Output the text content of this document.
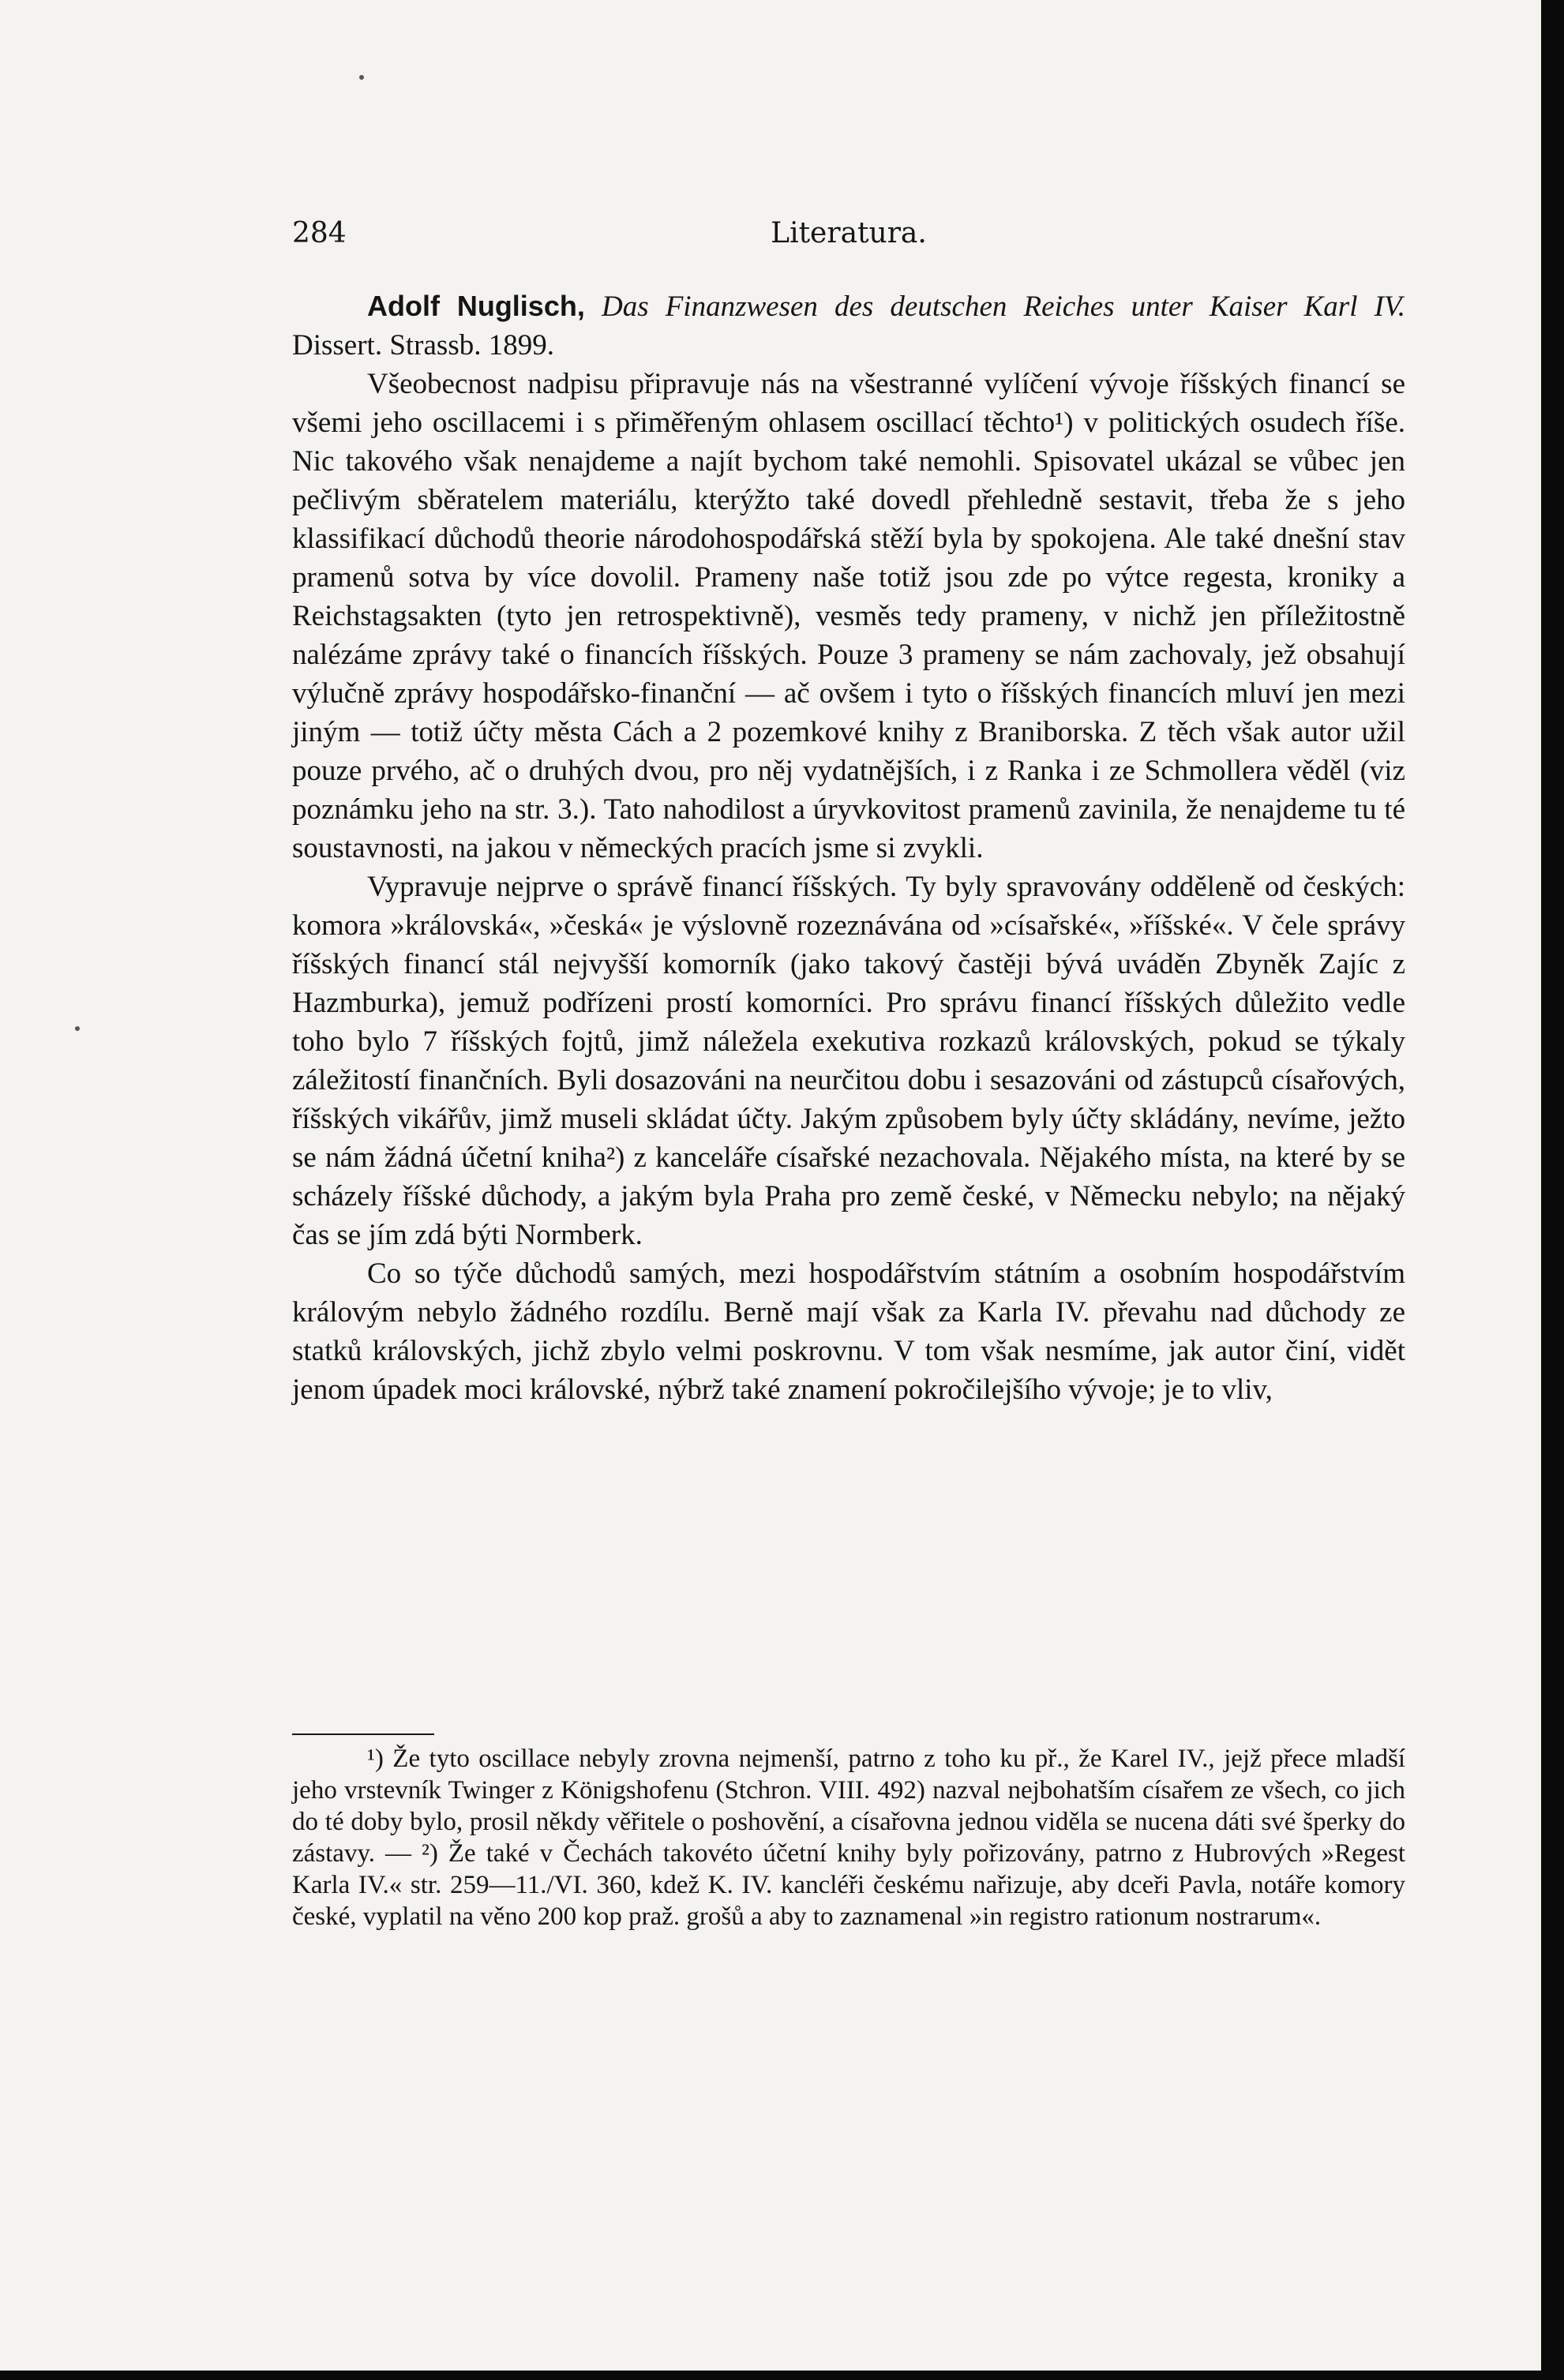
284	Literatura.

Adolf Nuglisch, Das Finanzwesen des deutschen Reiches unter Kaiser Karl IV. Dissert. Strassb. 1899.

Všeobecnost nadpisu připravuje nás na všestranné vylíčení vývoje říšských financí se všemi jeho oscillacemi i s přiměřeným ohlasem oscillací těchto¹) v politických osudech říše. Nic takového však nenajdeme a najít bychom také nemohli. Spisovatel ukázal se vůbec jen pečlivým sběratelem materiálu, kterýžto také dovedl přehledně sestavit, třeba že s jeho klassifikací důchodů theorie národohospodářská stěží byla by spokojena. Ale také dnešní stav pramenů sotva by více dovolil. Prameny naše totiž jsou zde po výtce regesta, kroniky a Reichstagsakten (tyto jen retrospektivně), vesměs tedy prameny, v nichž jen příležitostně nalézáme zprávy také o financích říšských. Pouze 3 prameny se nám zachovaly, jež obsahují výlučně zprávy hospodářsko-finanční — ač ovšem i tyto o říšských financích mluví jen mezi jiným — totiž účty města Cách a 2 pozemkové knihy z Braniborska. Z těch však autor užil pouze prvého, ač o druhých dvou, pro něj vydatnějších, i z Ranka i ze Schmollera věděl (viz poznámku jeho na str. 3.). Tato nahodilost a úryvkovitost pramenů zavinila, že nenajdeme tu té soustavnosti, na jakou v německých pracích jsme si zvykli.

Vypravuje nejprve o správě financí říšských. Ty byly spravovány odděleně od českých: komora »královská«, »česká« je výslovně rozeznávána od »císařské«, »říšské«. V čele správy říšských financí stál nejvyšší komorník (jako takový častěji bývá uváděn Zbyněk Zajíc z Hazmburka), jemuž podřízeni prostí komorníci. Pro správu financí říšských důležito vedle toho bylo 7 říšských fojtů, jimž náležela exekutiva rozkazů královských, pokud se týkaly záležitostí finančních. Byli dosazováni na neurčitou dobu i sesazováni od zástupců císařových, říšských vikářův, jimž museli skládat účty. Jakým způsobem byly účty skládány, nevíme, ježto se nám žádná účetní kniha²) z kanceláře císařské nezachovala. Nějakého místa, na které by se scházely říšské důchody, a jakým byla Praha pro země české, v Německu nebylo; na nějaký čas se jím zdá býti Normberk.

Co so týče důchodů samých, mezi hospodářstvím státním a osobním hospodářstvím královým nebylo žádného rozdílu. Berně mají však za Karla IV. převahu nad důchody ze statků královských, jichž zbylo velmi poskrovnu. V tom však nesmíme, jak autor činí, vidět jenom úpadek moci královské, nýbrž také znamení pokročilejšího vývoje; je to vliv,

¹) Že tyto oscillace nebyly zrovna nejmenší, patrno z toho ku př., že Karel IV., jejž přece mladší jeho vrstevník Twinger z Königshofenu (Stchron. VIII. 492) nazval nejbohatším císařem ze všech, co jich do té doby bylo, prosil někdy věřitele o poshovění, a císařovna jednou viděla se nucena dáti své šperky do zástavy. — ²) Že také v Čechách takovéto účetní knihy byly pořizovány, patrno z Hubrových »Regest Karla IV.« str. 259—11./VI. 360, kdež K. IV. kancléři českému nařizuje, aby dceři Pavla, notáře komory české, vyplatil na věno 200 kop praž. grošů a aby to zaznamenal »in registro rationum nostrarum«.
